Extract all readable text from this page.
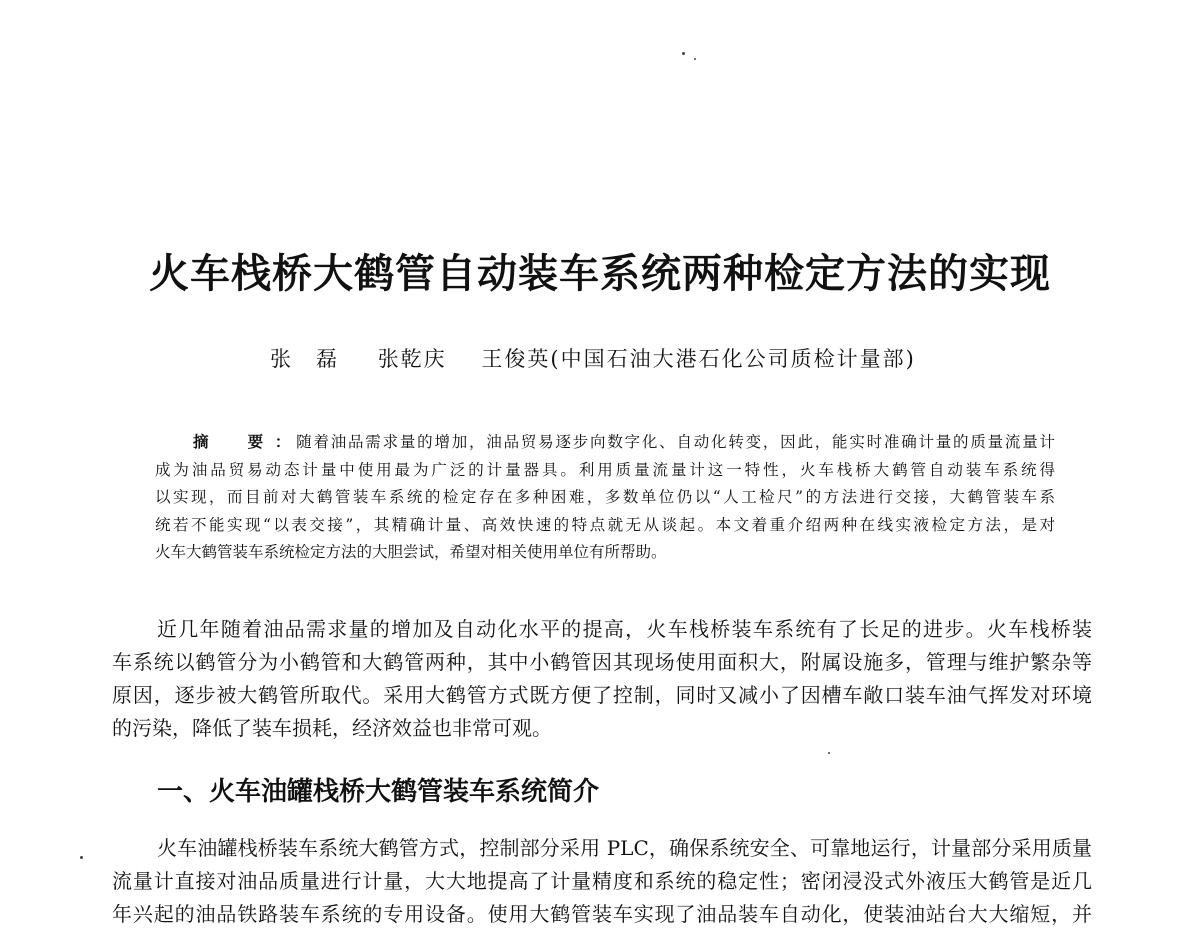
火车栈桥大鹤管自动装车系统两种检定方法的实现
张　磊 张乾庆 王俊英(中国石油大港石化公司质检计量部)
摘　要：随着油品需求量的增加，油品贸易逐步向数字化、自动化转变，因此，能实时准确计量的质量流量计
成为油品贸易动态计量中使用最为广泛的计量器具。利用质量流量计这一特性，火车栈桥大鹤管自动装车系统得
以实现，而目前对大鹤管装车系统的检定存在多种困难，多数单位仍以“人工检尺”的方法进行交接，大鹤管装车系
统若不能实现“以表交接”，其精确计量、高效快速的特点就无从谈起。本文着重介绍两种在线实液检定方法，是对
火车大鹤管装车系统检定方法的大胆尝试，希望对相关使用单位有所帮助。
近几年随着油品需求量的增加及自动化水平的提高，火车栈桥装车系统有了长足的进步。火车栈桥装
车系统以鹤管分为小鹤管和大鹤管两种，其中小鹤管因其现场使用面积大，附属设施多，管理与维护繁杂等
原因，逐步被大鹤管所取代。采用大鹤管方式既方便了控制，同时又减小了因槽车敞口装车油气挥发对环境
的污染，降低了装车损耗，经济效益也非常可观。
一、火车油罐栈桥大鹤管装车系统简介
火车油罐栈桥装车系统大鹤管方式，控制部分采用 PLC，确保系统安全、可靠地运行，计量部分采用质量
流量计直接对油品质量进行计量，大大地提高了计量精度和系统的稳定性；密闭浸没式外液压大鹤管是近几
年兴起的油品铁路装车系统的专用设备。使用大鹤管装车实现了油品装车自动化，使装油站台大大缩短，并
